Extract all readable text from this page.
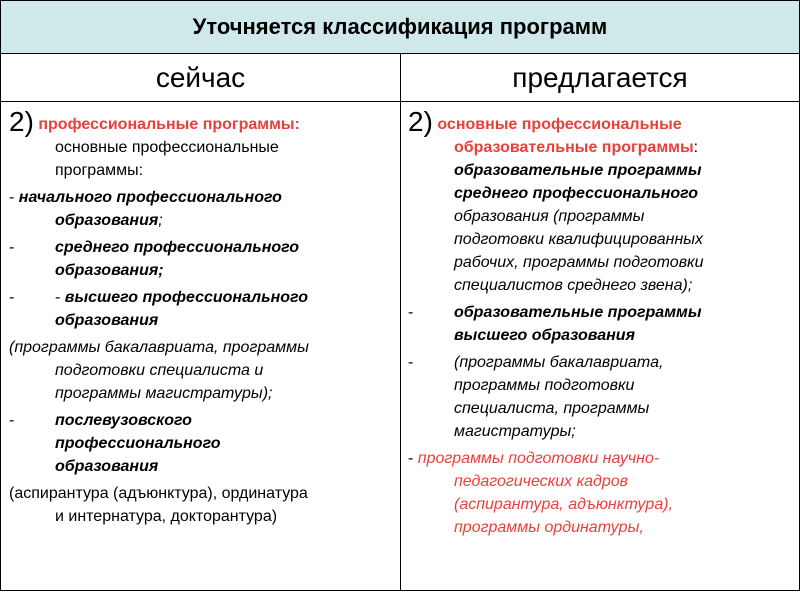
Уточняется классификация программ
сейчас	предлагается
2) профессиональные программы:
основные профессиональные
программы:
- начального профессионального
образования;
-	среднего профессионального
образования;
-	- высшего профессионального
образования
(программы бакалавриата, программы
подготовки специалиста и
программы магистратуры);
-	послевузовского
профессионального
образования
(аспирантура (адъюнктура), ординатура
и интернатура, докторантура)
2) основные профессиональные
образовательные программы:
образовательные программы
среднего профессионального
образования (программы
подготовки квалифицированных
рабочих, программы подготовки
специалистов среднего звена);
-	образовательные программы
высшего образования
-	(программы бакалавриата,
программы подготовки
специалиста, программы
магистратуры;
- программы подготовки научно-
педагогических кадров
(аспирантура, адъюнктура),
программы ординатуры,
